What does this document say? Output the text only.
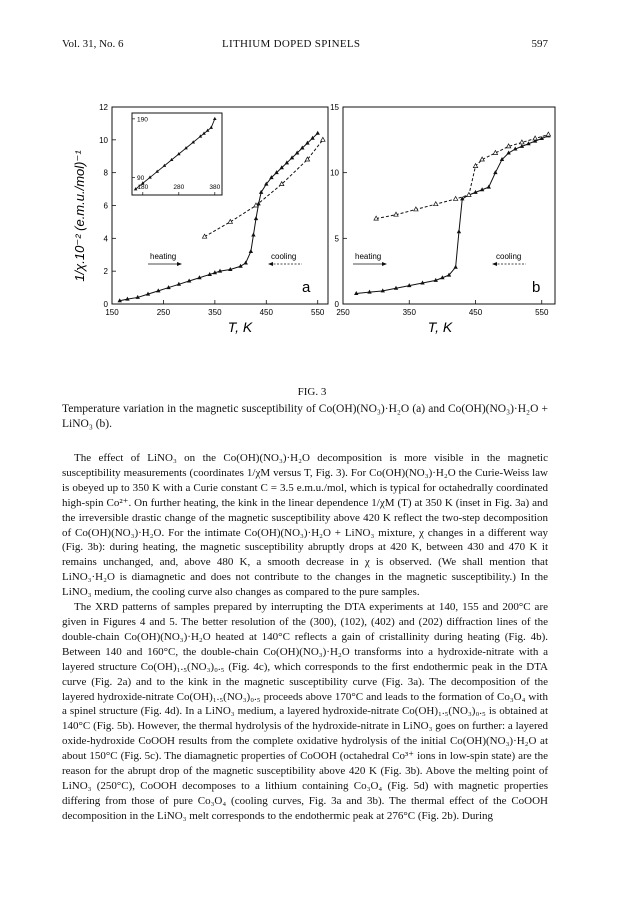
Vol. 31, No. 6	LITHIUM DOPED SPINELS	597
1/χ.10⁻² (e.m.u./mol)⁻¹
150	250	350	450	550
0
2
4
6
8
10
12
250	350	450	550
0
5
10
15
180	280	380
90
190
heating	cooling
a
heating	cooling
b
T, K	T, K
FIG. 3
Temperature variation in the magnetic susceptibility of Co(OH)(NO₃)·H₂O (a) and Co(OH)(NO₃)·H₂O + LiNO₃ (b).

The effect of LiNO₃ on the Co(OH)(NO₃)·H₂O decomposition is more visible in the magnetic susceptibility measurements (coordinates 1/χM versus T, Fig. 3). For Co(OH)(NO₃)·H₂O the Curie-Weiss law is obeyed up to 350 K with a Curie constant C = 3.5 e.m.u./mol, which is typical for octahedrally coordinated high-spin Co²⁺. On further heating, the kink in the linear dependence 1/χM (T) at 350 K (inset in Fig. 3a) and the irreversible drastic change of the magnetic susceptibility above 420 K reflect the two-step decomposition of Co(OH)(NO₃)·H₂O. For the intimate Co(OH)(NO₃)·H₂O + LiNO₃ mixture, χ changes in a different way (Fig. 3b): during heating, the magnetic susceptibility abruptly drops at 420 K, between 430 and 470 K it remains unchanged, and, above 480 K, a smooth decrease in χ is observed. (We shall mention that LiNO₃·H₂O is diamagnetic and does not contribute to the changes in the magnetic susceptibility.) In the LiNO₃ medium, the cooling curve also changes as compared to the pure samples.

The XRD patterns of samples prepared by interrupting the DTA experiments at 140, 155 and 200°C are given in Figures 4 and 5. The better resolution of the (300), (102), (402) and (202) diffraction lines of the double-chain Co(OH)(NO₃)·H₂O heated at 140°C reflects a gain of cristallinity during heating (Fig. 4b). Between 140 and 160°C, the double-chain Co(OH)(NO₃)·H₂O transforms into a hydroxide-nitrate with a layered structure Co(OH)₁.₅(NO₃)₀.₅ (Fig. 4c), which corresponds to the first endothermic peak in the DTA curve (Fig. 2a) and to the kink in the magnetic susceptibility curve (Fig. 3a). The decomposition of the layered hydroxide-nitrate Co(OH)₁.₅(NO₃)₀.₅ proceeds above 170°C and leads to the formation of Co₃O₄ with a spinel structure (Fig. 4d). In a LiNO₃ medium, a layered hydroxide-nitrate Co(OH)₁.₅(NO₃)₀.₅ is obtained at 140°C (Fig. 5b). However, the thermal hydrolysis of the hydroxide-nitrate in LiNO₃ goes on further: a layered oxide-hydroxide CoOOH results from the complete oxidative hydrolysis of the initial Co(OH)(NO₃)·H₂O at about 150°C (Fig. 5c). The diamagnetic properties of CoOOH (octahedral Co³⁺ ions in low-spin state) are the reason for the abrupt drop of the magnetic susceptibility above 420 K (Fig. 3b). Above the melting point of LiNO₃ (250°C), CoOOH decomposes to a lithium containing Co₃O₄ (Fig. 5d) with magnetic properties differing from those of pure Co₃O₄ (cooling curves, Fig. 3a and 3b). The thermal effect of the CoOOH decomposition in the LiNO₃ melt corresponds to the endothermic peak at 276°C (Fig. 2b). During
